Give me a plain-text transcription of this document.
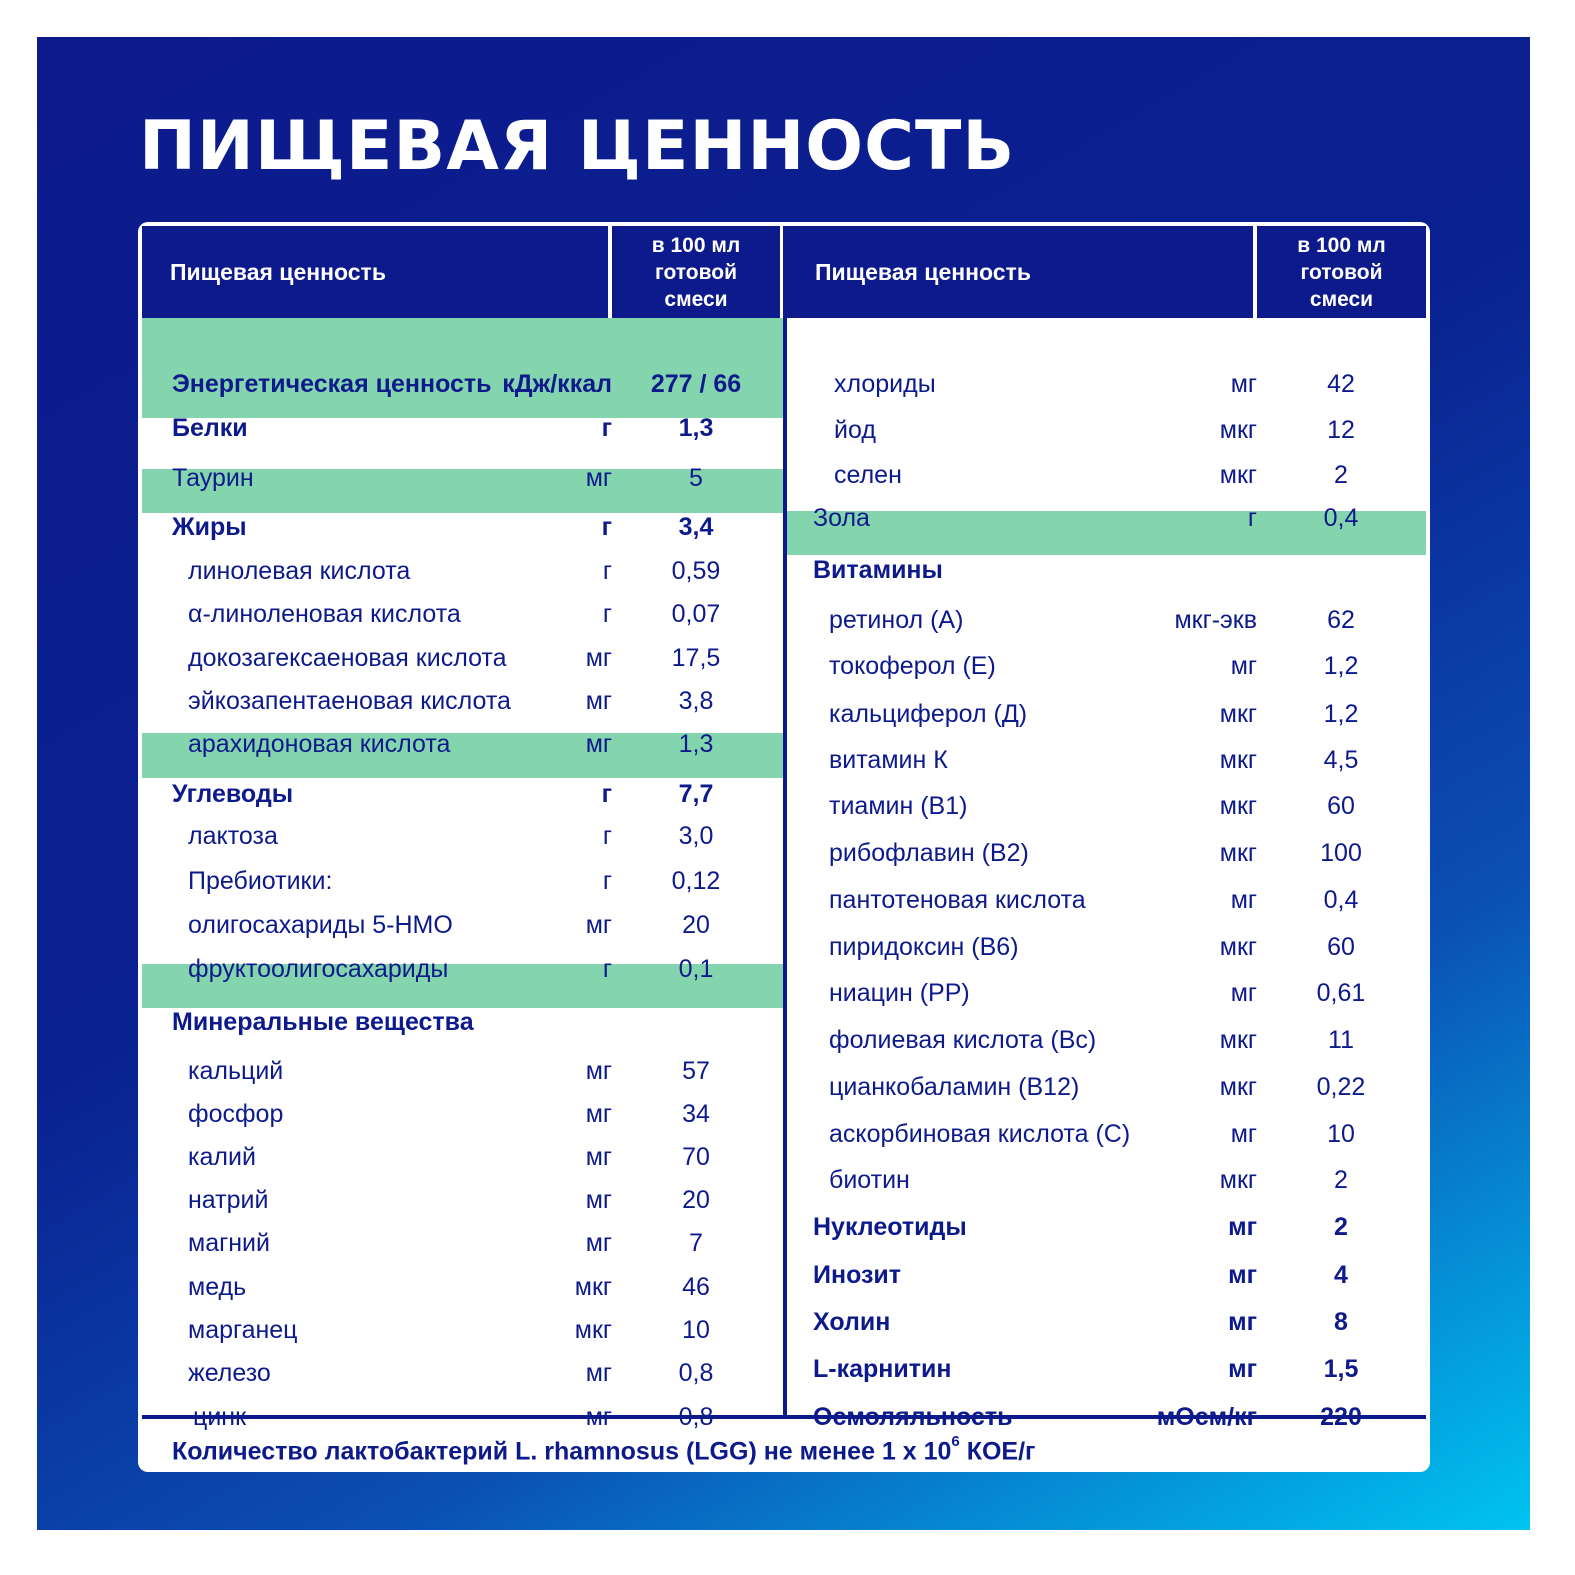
ПИЩЕВАЯ ЦЕННОСТЬ
Пищевая ценность
в 100 мл
готовой
смеси
Пищевая ценность
в 100 мл
готовой
смеси
Энергетическая ценность кДж/ккал	277 / 66
Белки	г	1,3
Таурин	мг	5
Жиры	г	3,4
линолевая кислота	г	0,59
α-линоленовая кислота	г	0,07
докозагексаеновая кислота	мг	17,5
эйкозапентаеновая кислота	мг	3,8
арахидоновая кислота	мг	1,3
Углеводы	г	7,7
лактоза	г	3,0
Пребиотики:	г	0,12
олигосахариды 5-HMO	мг	20
фруктоолигосахариды	г	0,1
Минеральные вещества
кальций	мг	57
фосфор	мг	34
калий	мг	70
натрий	мг	20
магний	мг	7
медь	мкг	46
марганец	мкг	10
железо	мг	0,8
цинк	мг	0,8
хлориды	мг	42
йод	мкг	12
селен	мкг	2
Зола	г	0,4
Витамины
ретинол (А)	мкг-экв	62
токоферол (Е)	мг	1,2
кальциферол (Д)	мкг	1,2
витамин К	мкг	4,5
тиамин (В1)	мкг	60
рибофлавин (В2)	мкг	100
пантотеновая кислота	мг	0,4
пиридоксин (В6)	мкг	60
ниацин (РР)	мг	0,61
фолиевая кислота (Вс)	мкг	11
цианкобаламин (В12)	мкг	0,22
аскорбиновая кислота (С)	мг	10
биотин	мкг	2
Нуклеотиды	мг	2
Инозит	мг	4
Холин	мг	8
L-карнитин	мг	1,5
Осмоляльность	мОсм/кг	220
Количество лактобактерий L. rhamnosus (LGG) не менее 1 х $10^6$ КОЕ/г
